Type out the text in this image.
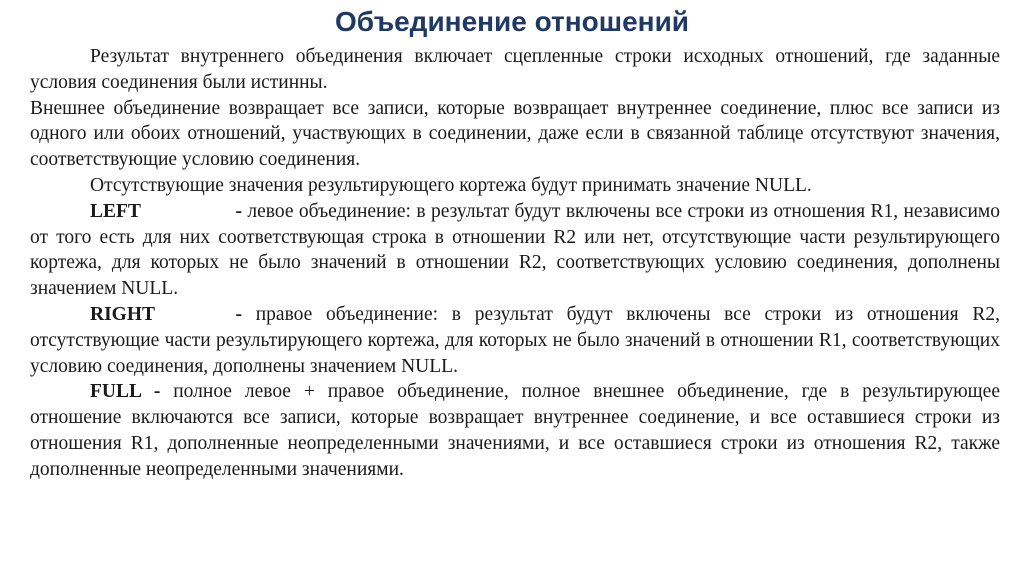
Объединение отношений

Результат внутреннего объединения включает сцепленные строки исходных отношений, где заданные условия соединения были истинны.

Внешнее объединение возвращает все записи, которые возвращает внутреннее соединение, плюс все записи из одного или обоих отношений, участвующих в соединении, даже если в связанной таблице отсутствуют значения, соответствующие условию соединения.

Отсутствующие значения результирующего кортежа будут принимать значение NULL.

LEFT	- левое объединение: в результат будут включены все строки из отношения R1, независимо от того есть для них соответствующая строка в отношении R2 или нет, отсутствующие части результирующего кортежа, для которых не было значений в отношении R2, соответствующих условию соединения, дополнены значением NULL.

RIGHT	- правое объединение: в результат будут включены все строки из отношения R2, отсутствующие части результирующего кортежа, для которых не было значений в отношении R1, соответствующих условию соединения, дополнены значением NULL.

FULL - полное левое + правое объединение, полное внешнее объединение, где в результирующее отношение включаются все записи, которые возвращает внутреннее соединение, и все оставшиеся строки из отношения R1, дополненные неопределенными значениями, и все оставшиеся строки из отношения R2, также дополненные неопределенными значениями.
